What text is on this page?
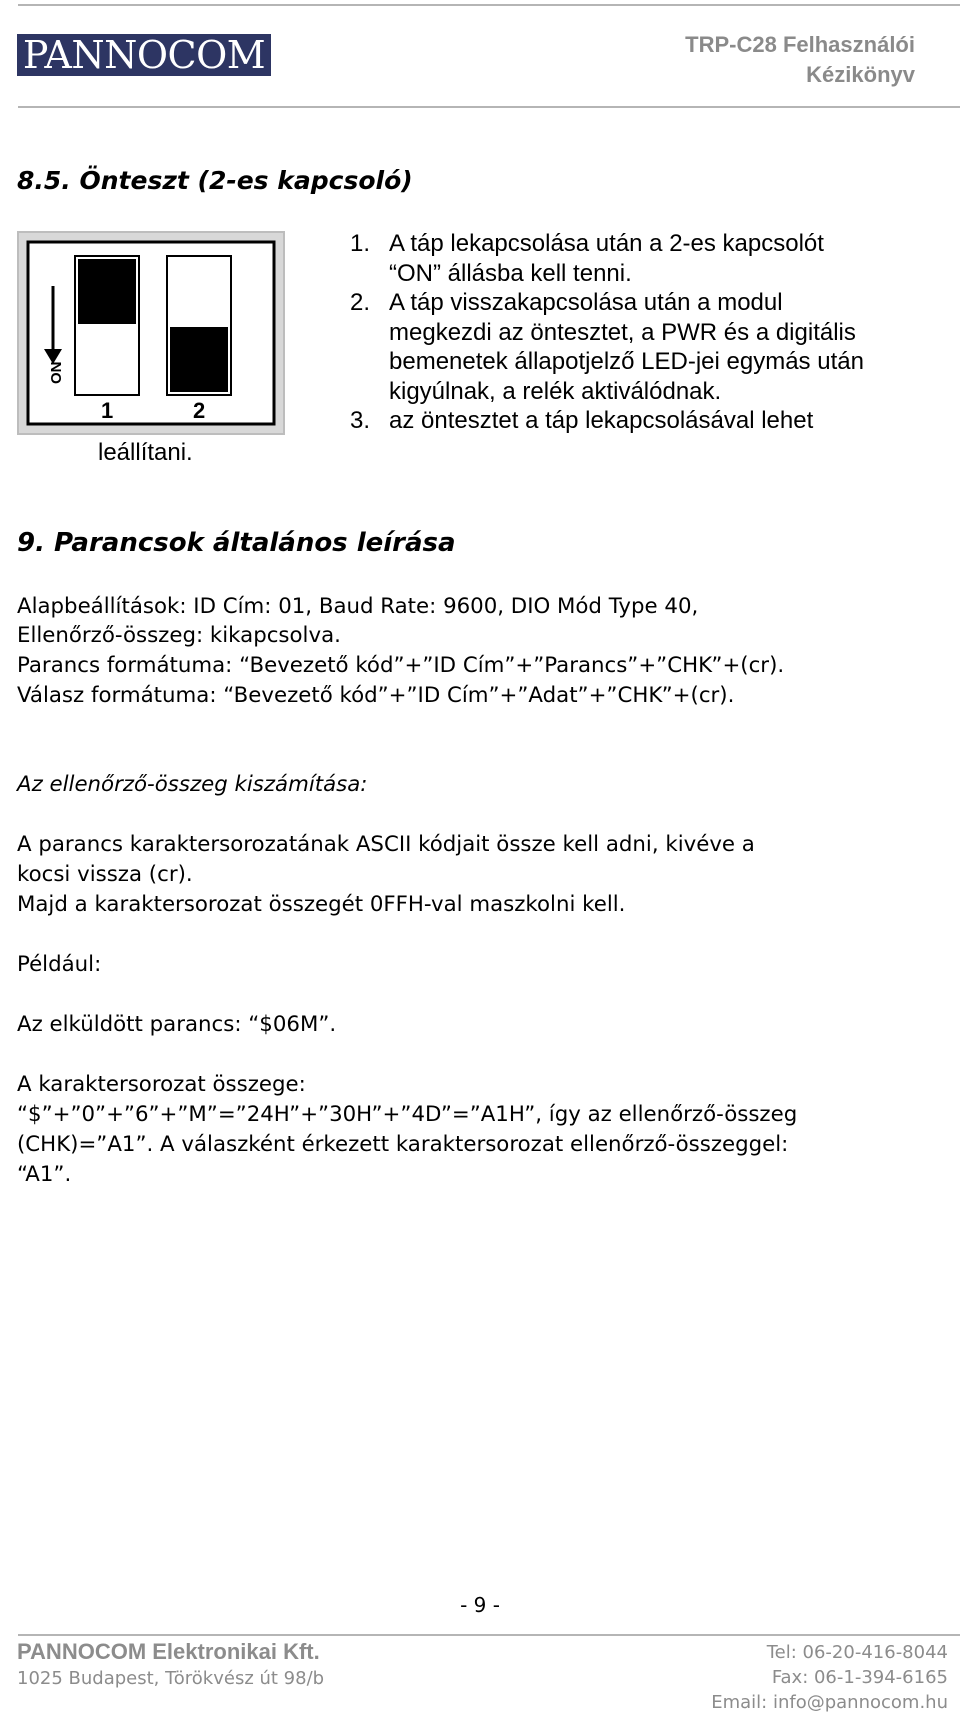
PANNOCOM	TRP-C28 Felhasználói
Kézikönyv
8.5. Önteszt (2-es kapcsoló)
ON
1	2
1. A táp lekapcsolása után a 2-es kapcsolót
“ON” állásba kell tenni.
2. A táp visszakapcsolása után a modul
megkezdi az öntesztet, a PWR és a digitális
bemenetek állapotjelző LED-jei egymás után
kigyúlnak, a relék aktiválódnak.
3. az öntesztet a táp lekapcsolásával lehet
leállítani.
9. Parancsok általános leírása
Alapbeállítások: ID Cím: 01, Baud Rate: 9600, DIO Mód Type 40,
Ellenőrző-összeg: kikapcsolva.
Parancs formátuma: “Bevezető kód”+”ID Cím”+”Parancs”+”CHK”+(cr).
Válasz formátuma: “Bevezető kód”+”ID Cím”+”Adat”+”CHK”+(cr).
Az ellenőrző-összeg kiszámítása:
A parancs karaktersorozatának ASCII kódjait össze kell adni, kivéve a
kocsi vissza (cr).
Majd a karaktersorozat összegét 0FFH-val maszkolni kell.
Például:
Az elküldött parancs: “$06M”.
A karaktersorozat összege:
“$”+”0”+”6”+”M”=”24H”+”30H”+”4D”=”A1H”, így az ellenőrző-összeg
(CHK)=”A1”. A válaszként érkezett karaktersorozat ellenőrző-összeggel:
“A1”.
- 9 -
PANNOCOM Elektronikai Kft.
1025 Budapest, Törökvész út 98/b
Tel: 06-20-416-8044
Fax: 06-1-394-6165
Email: info@pannocom.hu
